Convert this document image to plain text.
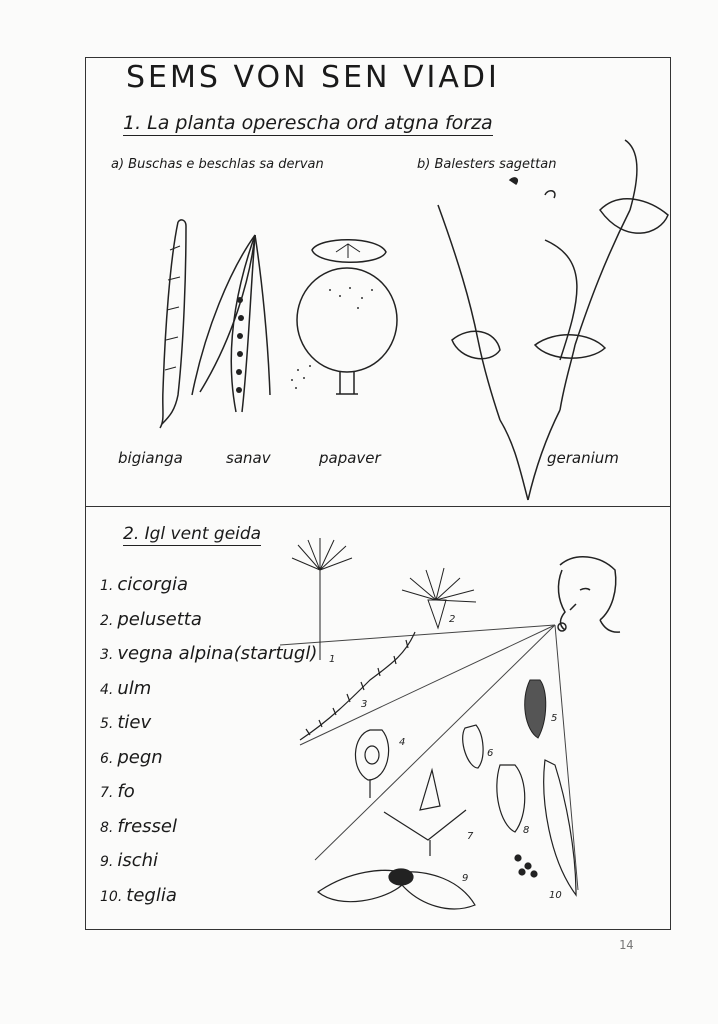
SEMS VON SEN VIADI
1. La planta operescha ord atgna forza
a) Buschas e beschlas sa dervan	b) Balesters sagettan
bigianga	sanav	papaver	geranium
2. Igl vent geida
1. cicorgia
2. pelusetta
3. vegna alpina(startugl)
4. ulm
5. tiev
6. pegn
7. fo
8. fressel
9. ischi
10. teglia
1
2
3
4
5
6
7
8
9
10
14
